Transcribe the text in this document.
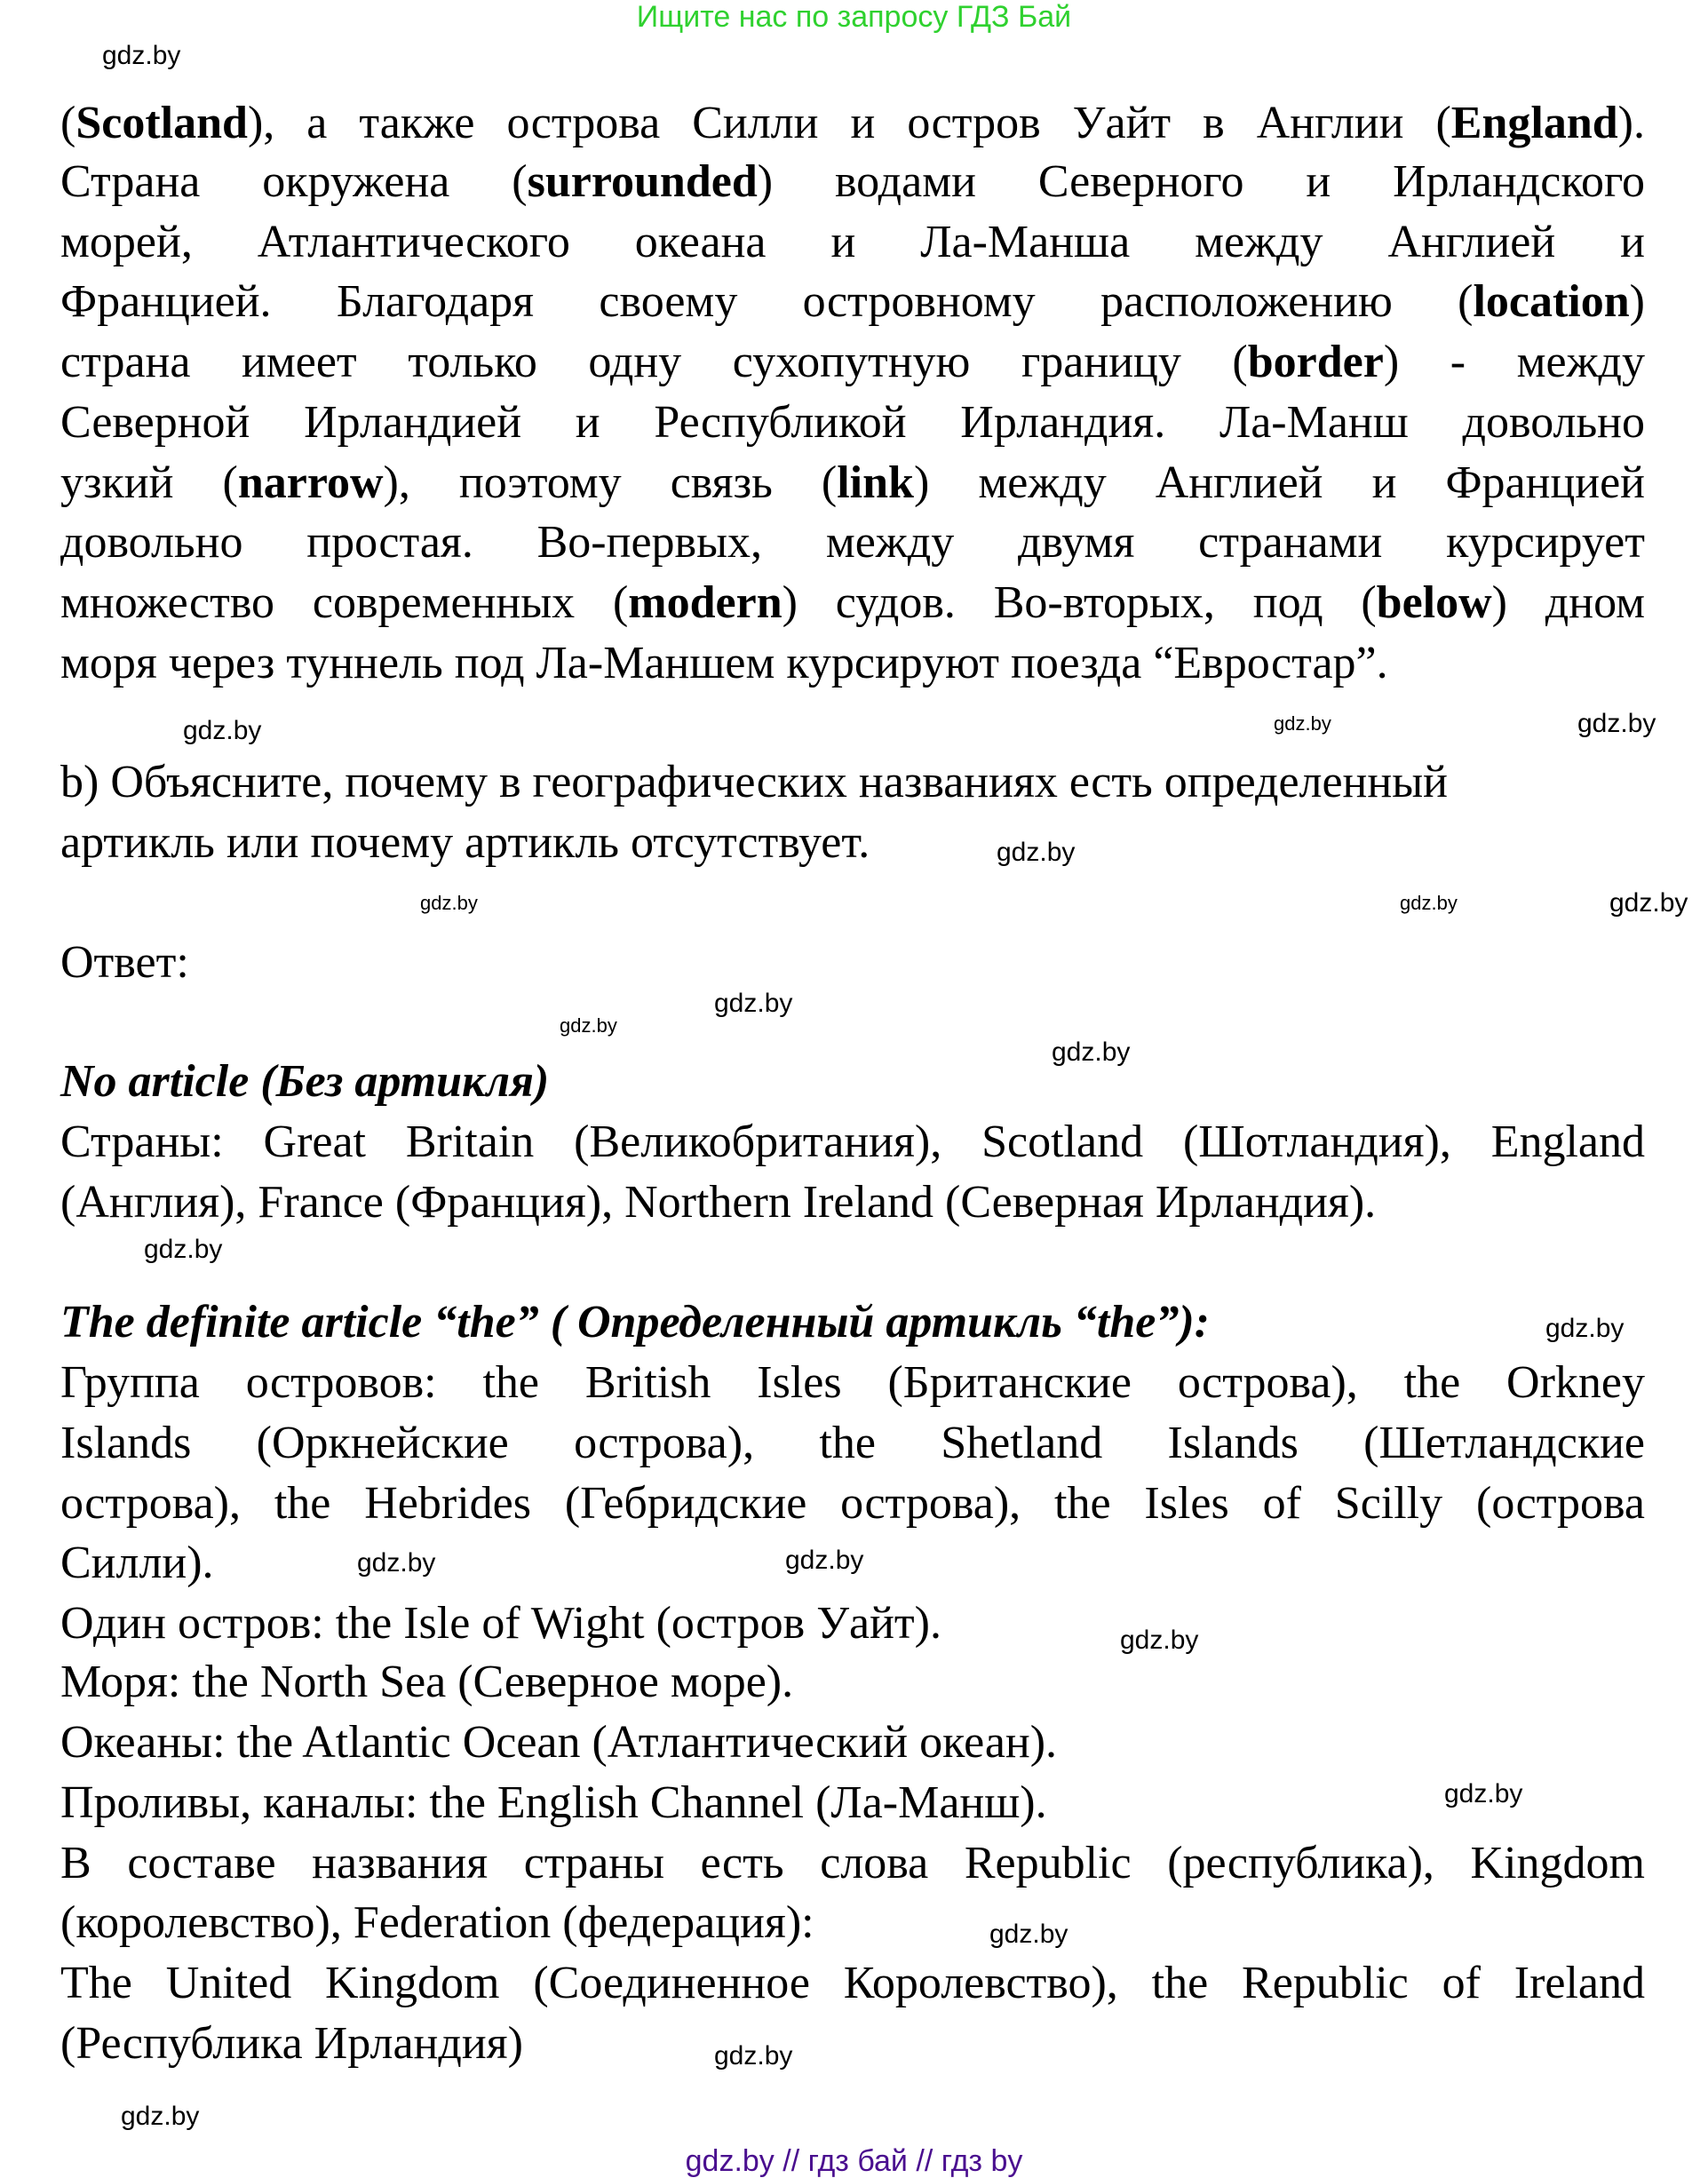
Ищите нас по запросу ГДЗ Бай
(Scotland), а также острова Силли и остров Уайт в Англии (England).
Страна окружена (surrounded) водами Северного и Ирландского
морей, Атлантического океана и Ла-Манша между Англией и
Францией. Благодаря своему островному расположению (location)
страна имеет только одну сухопутную границу (border) - между
Северной Ирландией и Республикой Ирландия. Ла-Манш довольно
узкий (narrow), поэтому связь (link) между Англией и Францией
довольно простая. Во-первых, между двумя странами курсирует
множество современных (modern) судов. Во-вторых, под (below) дном
моря через туннель под Ла-Маншем курсируют поезда “Евростар”.
b) Объясните, почему в географических названиях есть определенный
артикль или почему артикль отсутствует.
Ответ:
No article (Без артикля)
Страны: Great Britain (Великобритания), Scotland (Шотландия), England
(Англия), France (Франция), Northern Ireland (Северная Ирландия).
The definite article “the” ( Определенный артикль “the”):
Группа островов: the British Isles (Британские острова), the Orkney
Islands (Оркнейские острова), the Shetland Islands (Шетландские
острова), the Hebrides (Гебридские острова), the Isles of Scilly (острова
Силли).
Один остров: the Isle of Wight (остров Уайт).
Моря: the North Sea (Северное море).
Океаны: the Atlantic Ocean (Атлантический океан).
Проливы, каналы: the English Channel (Ла-Манш).
В составе названия страны есть слова Republic (республика), Kingdom
(королевство), Federation (федерация):
The United Kingdom (Соединенное Королевство), the Republic of Ireland
(Республика Ирландия)
gdz.by
gdz.by
gdz.by
gdz.by
gdz.by
gdz.by
gdz.by
gdz.by
gdz.by
gdz.by
gdz.by
gdz.by
gdz.by
gdz.by	gdz.by
gdz.by
gdz.by
gdz.by
gdz.by
gdz.by
gdz.by // гдз бай // гдз by
